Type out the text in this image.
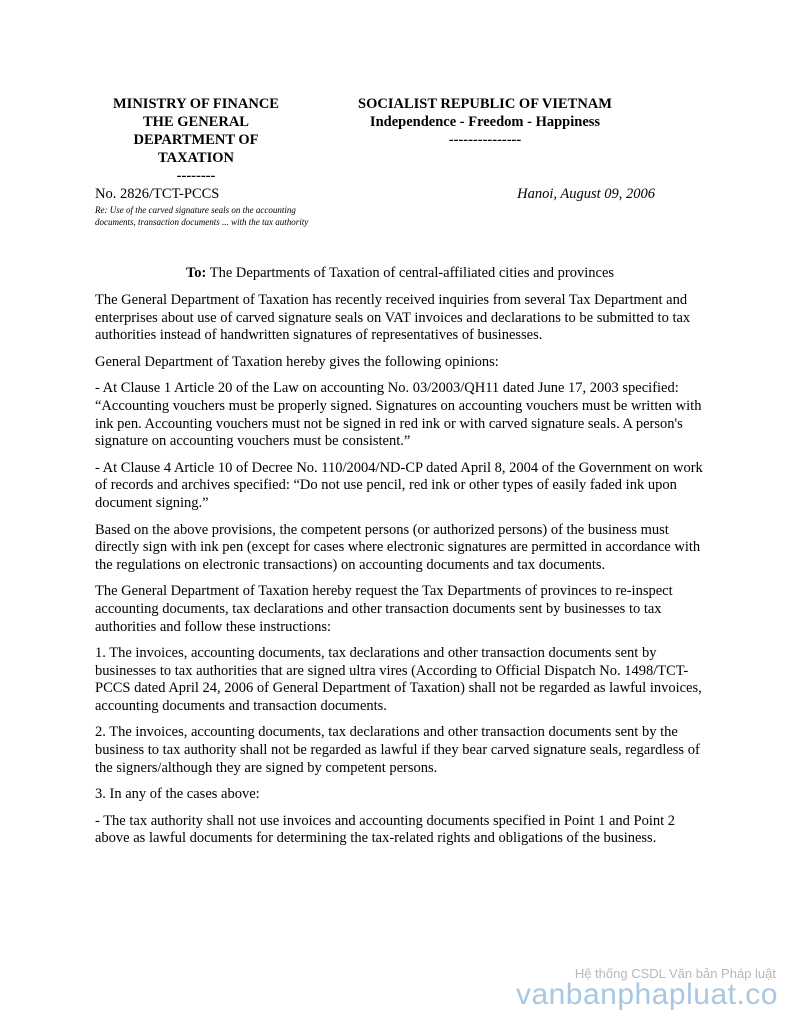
MINISTRY OF FINANCE
THE GENERAL
DEPARTMENT OF
TAXATION
--------
SOCIALIST REPUBLIC OF VIETNAM
Independence - Freedom - Happiness
---------------
No. 2826/TCT-PCCS	Hanoi, August 09, 2006
Re: Use of the carved signature seals on the accounting documents, transaction documents ... with the tax authority
To: The Departments of Taxation of central-affiliated cities and provinces

The General Department of Taxation has recently received inquiries from several Tax Department and enterprises about use of carved signature seals on VAT invoices and declarations to be submitted to tax authorities instead of handwritten signatures of representatives of businesses.

General Department of Taxation hereby gives the following opinions:

- At Clause 1 Article 20 of the Law on accounting No. 03/2003/QH11 dated June 17, 2003 specified: “Accounting vouchers must be properly signed. Signatures on accounting vouchers must be written with ink pen. Accounting vouchers must not be signed in red ink or with carved signature seals. A person's signature on accounting vouchers must be consistent.”

- At Clause 4 Article 10 of Decree No. 110/2004/ND-CP dated April 8, 2004 of the Government on work of records and archives specified: “Do not use pencil, red ink or other types of easily faded ink upon document signing.”

Based on the above provisions, the competent persons (or authorized persons) of the business must directly sign with ink pen (except for cases where electronic signatures are permitted in accordance with the regulations on electronic transactions) on accounting documents and tax documents.

The General Department of Taxation hereby request the Tax Departments of provinces to re-inspect accounting documents, tax declarations and other transaction documents sent by businesses to tax authorities and follow these instructions:

1. The invoices, accounting documents, tax declarations and other transaction documents sent by businesses to tax authorities that are signed ultra vires (According to Official Dispatch No. 1498/TCT-PCCS dated April 24, 2006 of General Department of Taxation) shall not be regarded as lawful invoices, accounting documents and transaction documents.

2. The invoices, accounting documents, tax declarations and other transaction documents sent by the business to tax authority shall not be regarded as lawful if they bear carved signature seals, regardless of the signers/although they are signed by competent persons.

3. In any of the cases above:

- The tax authority shall not use invoices and accounting documents specified in Point 1 and Point 2 above as lawful documents for determining the tax-related rights and obligations of the business.

Hệ thống CSDL Văn bản Pháp luật
vanbanphapluat.co
